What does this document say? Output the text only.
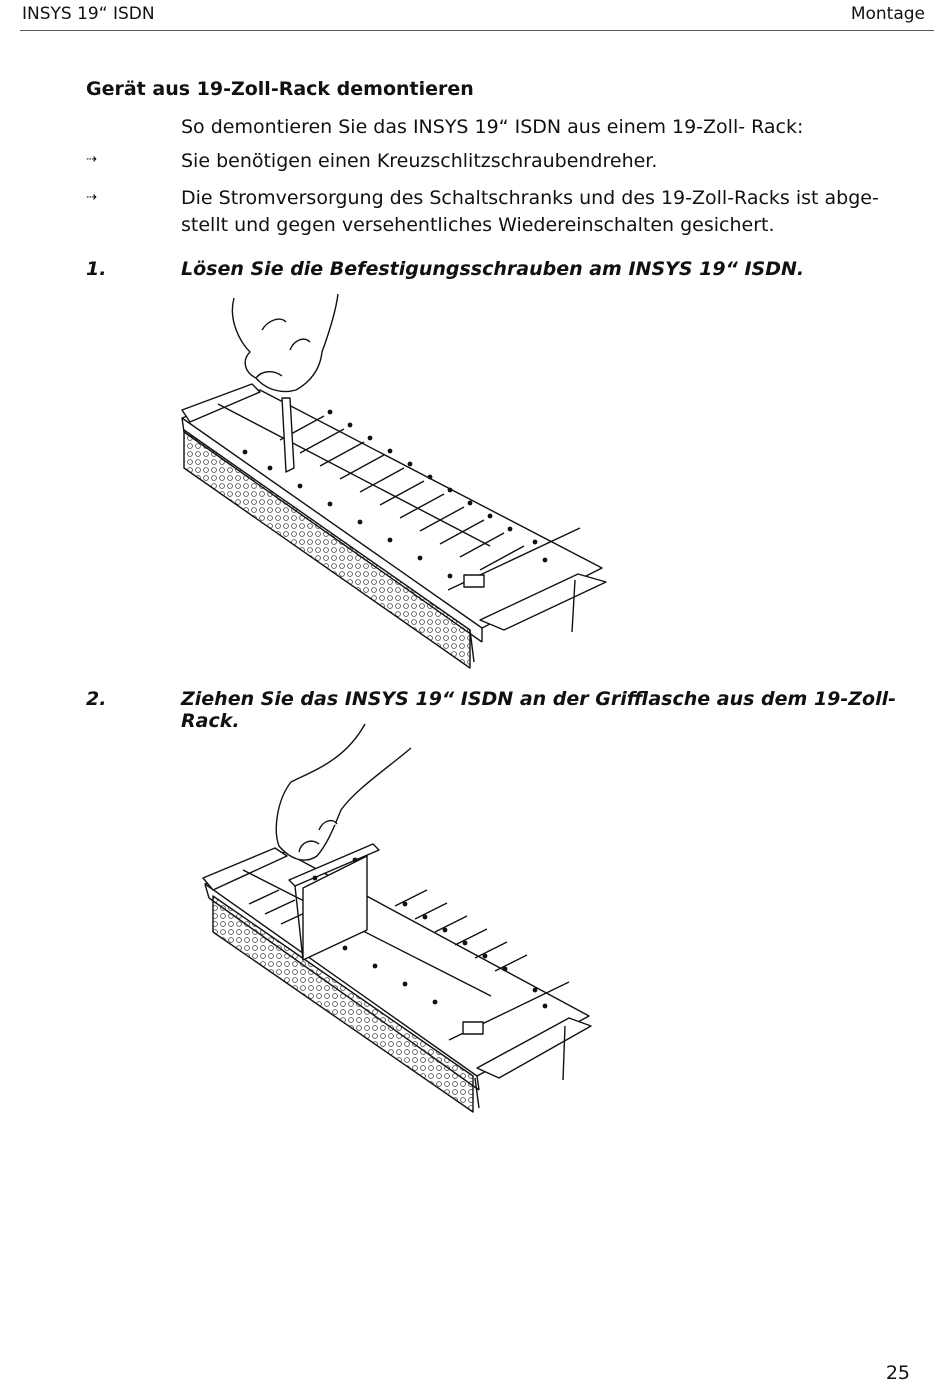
INSYS 19“ ISDN	Montage
Gerät aus 19-Zoll-Rack demontieren
So demontieren Sie das INSYS 19“ ISDN aus einem 19-Zoll- Rack:
⇢	Sie benötigen einen Kreuzschlitzschraubendreher.
⇢	Die Stromversorgung des Schaltschranks und des 19-Zoll-Racks ist abge-
stellt und gegen versehentliches Wiedereinschalten gesichert.
1.	Lösen Sie die Befestigungsschrauben am INSYS 19“ ISDN.
2.	Ziehen Sie das INSYS 19“ ISDN an der Grifflasche aus dem 19-Zoll-Rack.
25
